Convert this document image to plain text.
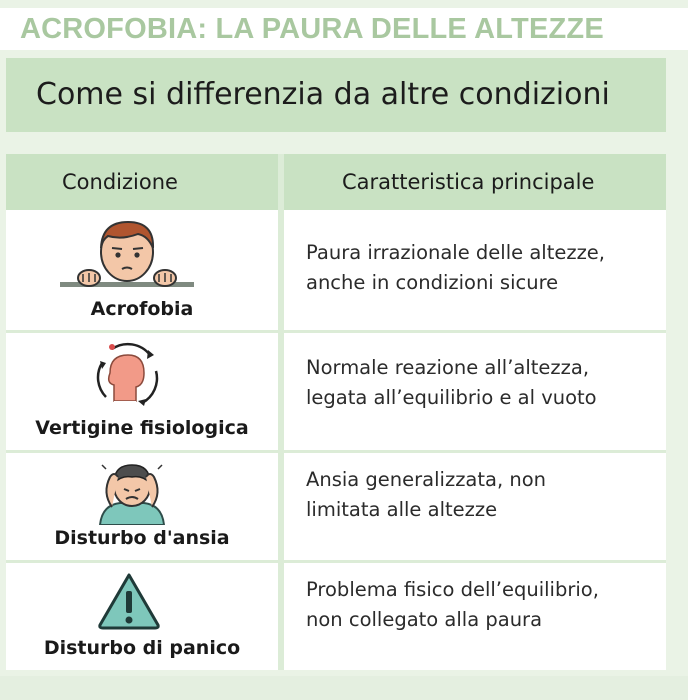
ACROFOBIA: LA PAURA DELLE ALTEZZE
Come si differenzia da altre condizioni
Condizione	Caratteristica principale
Acrofobia
Paura irrazionale delle altezze,
anche in condizioni sicure
Vertigine fisiologica
Normale reazione all’altezza,
legata all’equilibrio e al vuoto
Disturbo d'ansia
Ansia generalizzata, non
limitata alle altezze
Disturbo di panico
Problema fisico dell’equilibrio,
non collegato alla paura
